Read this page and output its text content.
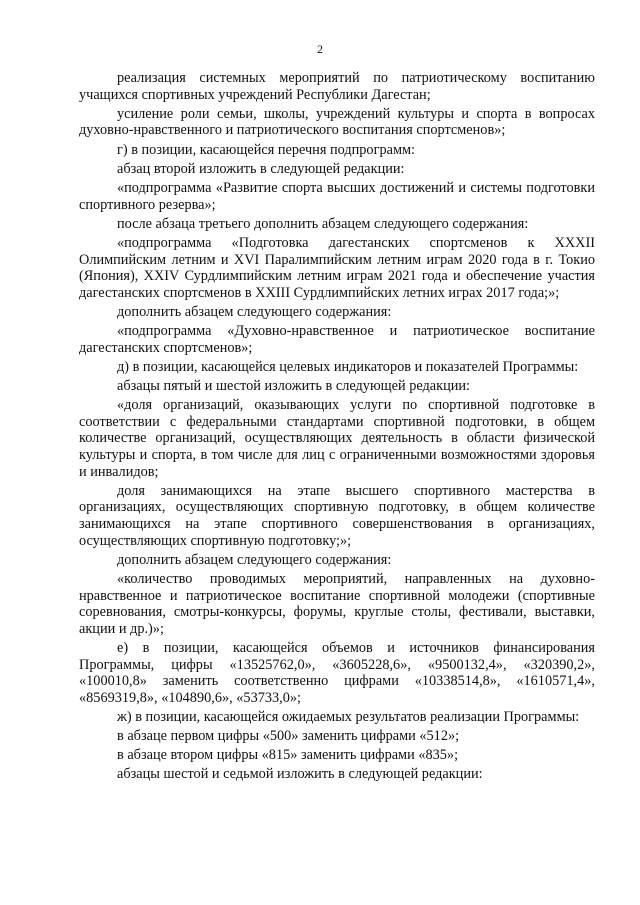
2

реализация системных мероприятий по патриотическому воспитанию учащихся спортивных учреждений Республики Дагестан;

усиление роли семьи, школы, учреждений культуры и спорта в вопросах духовно-нравственного и патриотического воспитания спортсменов»;

г) в позиции, касающейся перечня подпрограмм:

абзац второй изложить в следующей редакции:

«подпрограмма «Развитие спорта высших достижений и системы подготовки спортивного резерва»;

после абзаца третьего дополнить абзацем следующего содержания:

«подпрограмма «Подготовка дагестанских спортсменов к XXXII Олимпийским летним и XVI Паралимпийским летним играм 2020 года в г. Токио (Япония), XXIV Сурдлимпийским летним играм 2021 года и обеспечение участия дагестанских спортсменов в XXIII Сурдлимпийских летних играх 2017 года;»;

дополнить абзацем следующего содержания:

«подпрограмма «Духовно-нравственное и патриотическое воспитание дагестанских спортсменов»;

д) в позиции, касающейся целевых индикаторов и показателей Программы:

абзацы пятый и шестой изложить в следующей редакции:

«доля организаций, оказывающих услуги по спортивной подготовке в соответствии с федеральными стандартами спортивной подготовки, в общем количестве организаций, осуществляющих деятельность в области физической культуры и спорта, в том числе для лиц с ограниченными возможностями здоровья и инвалидов;

доля занимающихся на этапе высшего спортивного мастерства в организациях, осуществляющих спортивную подготовку, в общем количестве занимающихся на этапе спортивного совершенствования в организациях, осуществляющих спортивную подготовку;»;

дополнить абзацем следующего содержания:

«количество проводимых мероприятий, направленных на духовно-нравственное и патриотическое воспитание спортивной молодежи (спортивные соревнования, смотры-конкурсы, форумы, круглые столы, фестивали, выставки, акции и др.)»;

е) в позиции, касающейся объемов и источников финансирования Программы, цифры «13525762,0», «3605228,6», «9500132,4», «320390,2», «100010,8» заменить соответственно цифрами «10338514,8», «1610571,4», «8569319,8», «104890,6», «53733,0»;

ж) в позиции, касающейся ожидаемых результатов реализации Программы:

в абзаце первом цифры «500» заменить цифрами «512»;

в абзаце втором цифры «815» заменить цифрами «835»;

абзацы шестой и седьмой изложить в следующей редакции:
